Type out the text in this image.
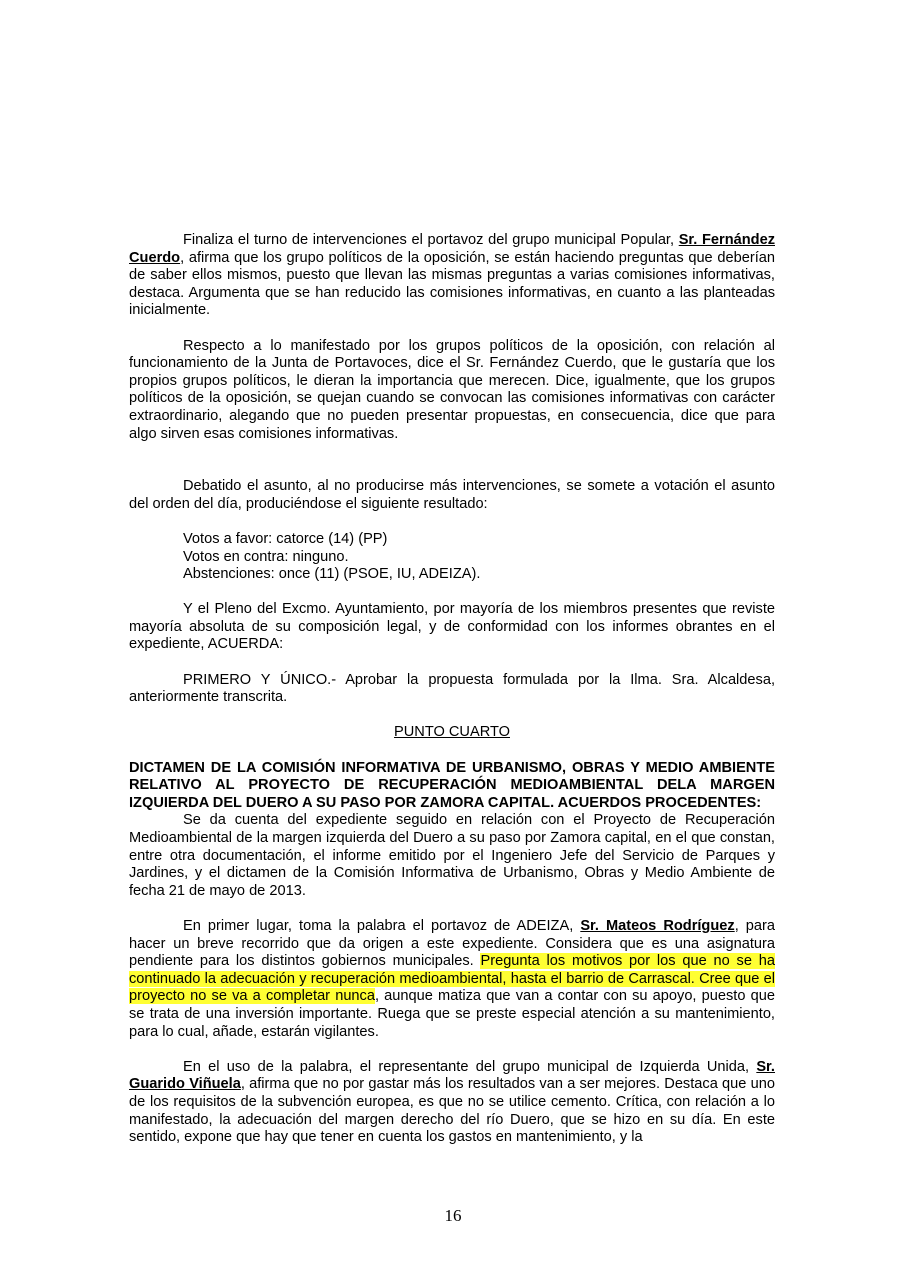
Finaliza el turno de intervenciones el portavoz del grupo municipal Popular, Sr. Fernández Cuerdo, afirma que los grupo políticos de la oposición, se están haciendo preguntas que deberían de saber ellos mismos, puesto que llevan las mismas preguntas a varias comisiones informativas, destaca. Argumenta que se han reducido las comisiones informativas, en cuanto a las planteadas inicialmente.

Respecto a lo manifestado por los grupos políticos de la oposición, con relación al funcionamiento de la Junta de Portavoces, dice el Sr. Fernández Cuerdo, que le gustaría que los propios grupos políticos, le dieran la importancia que merecen. Dice, igualmente, que los grupos políticos de la oposición, se quejan cuando se convocan las comisiones informativas con carácter extraordinario, alegando que no pueden presentar propuestas, en consecuencia, dice que para algo sirven esas comisiones informativas.

Debatido el asunto, al no producirse más intervenciones, se somete a votación el asunto del orden del día, produciéndose el siguiente resultado:

Votos a favor: catorce (14) (PP)

Votos en contra: ninguno.

Abstenciones: once (11) (PSOE, IU, ADEIZA).

Y el Pleno del Excmo. Ayuntamiento, por mayoría de los miembros presentes que reviste mayoría absoluta de su composición legal, y de conformidad con los informes obrantes en el expediente, ACUERDA:

PRIMERO Y ÚNICO.- Aprobar la propuesta formulada por la Ilma. Sra. Alcaldesa, anteriormente transcrita.

PUNTO CUARTO

DICTAMEN DE LA COMISIÓN INFORMATIVA DE URBANISMO, OBRAS Y MEDIO AMBIENTE RELATIVO AL PROYECTO DE RECUPERACIÓN MEDIOAMBIENTAL DELA MARGEN IZQUIERDA DEL DUERO A SU PASO POR ZAMORA CAPITAL. ACUERDOS PROCEDENTES:

Se da cuenta del expediente seguido en relación con el Proyecto de Recuperación Medioambiental de la margen izquierda del Duero a su paso por Zamora capital, en el que constan, entre otra documentación, el informe emitido por el Ingeniero Jefe del Servicio de Parques y Jardines, y el dictamen de la Comisión Informativa de Urbanismo, Obras y Medio Ambiente de fecha 21 de mayo de 2013.

En primer lugar, toma la palabra el portavoz de ADEIZA, Sr. Mateos Rodríguez, para hacer un breve recorrido que da origen a este expediente. Considera que es una asignatura pendiente para los distintos gobiernos municipales. Pregunta los motivos por los que no se ha continuado la adecuación y recuperación medioambiental, hasta el barrio de Carrascal. Cree que el proyecto no se va a completar nunca, aunque matiza que van a contar con su apoyo, puesto que se trata de una inversión importante. Ruega que se preste especial atención a su mantenimiento, para lo cual, añade, estarán vigilantes.

En el uso de la palabra, el representante del grupo municipal de Izquierda Unida, Sr. Guarido Viñuela, afirma que no por gastar más los resultados van a ser mejores. Destaca que uno de los requisitos de la subvención europea, es que no se utilice cemento. Crítica, con relación a lo manifestado, la adecuación del margen derecho del río Duero, que se hizo en su día. En este sentido, expone que hay que tener en cuenta los gastos en mantenimiento, y la

16
